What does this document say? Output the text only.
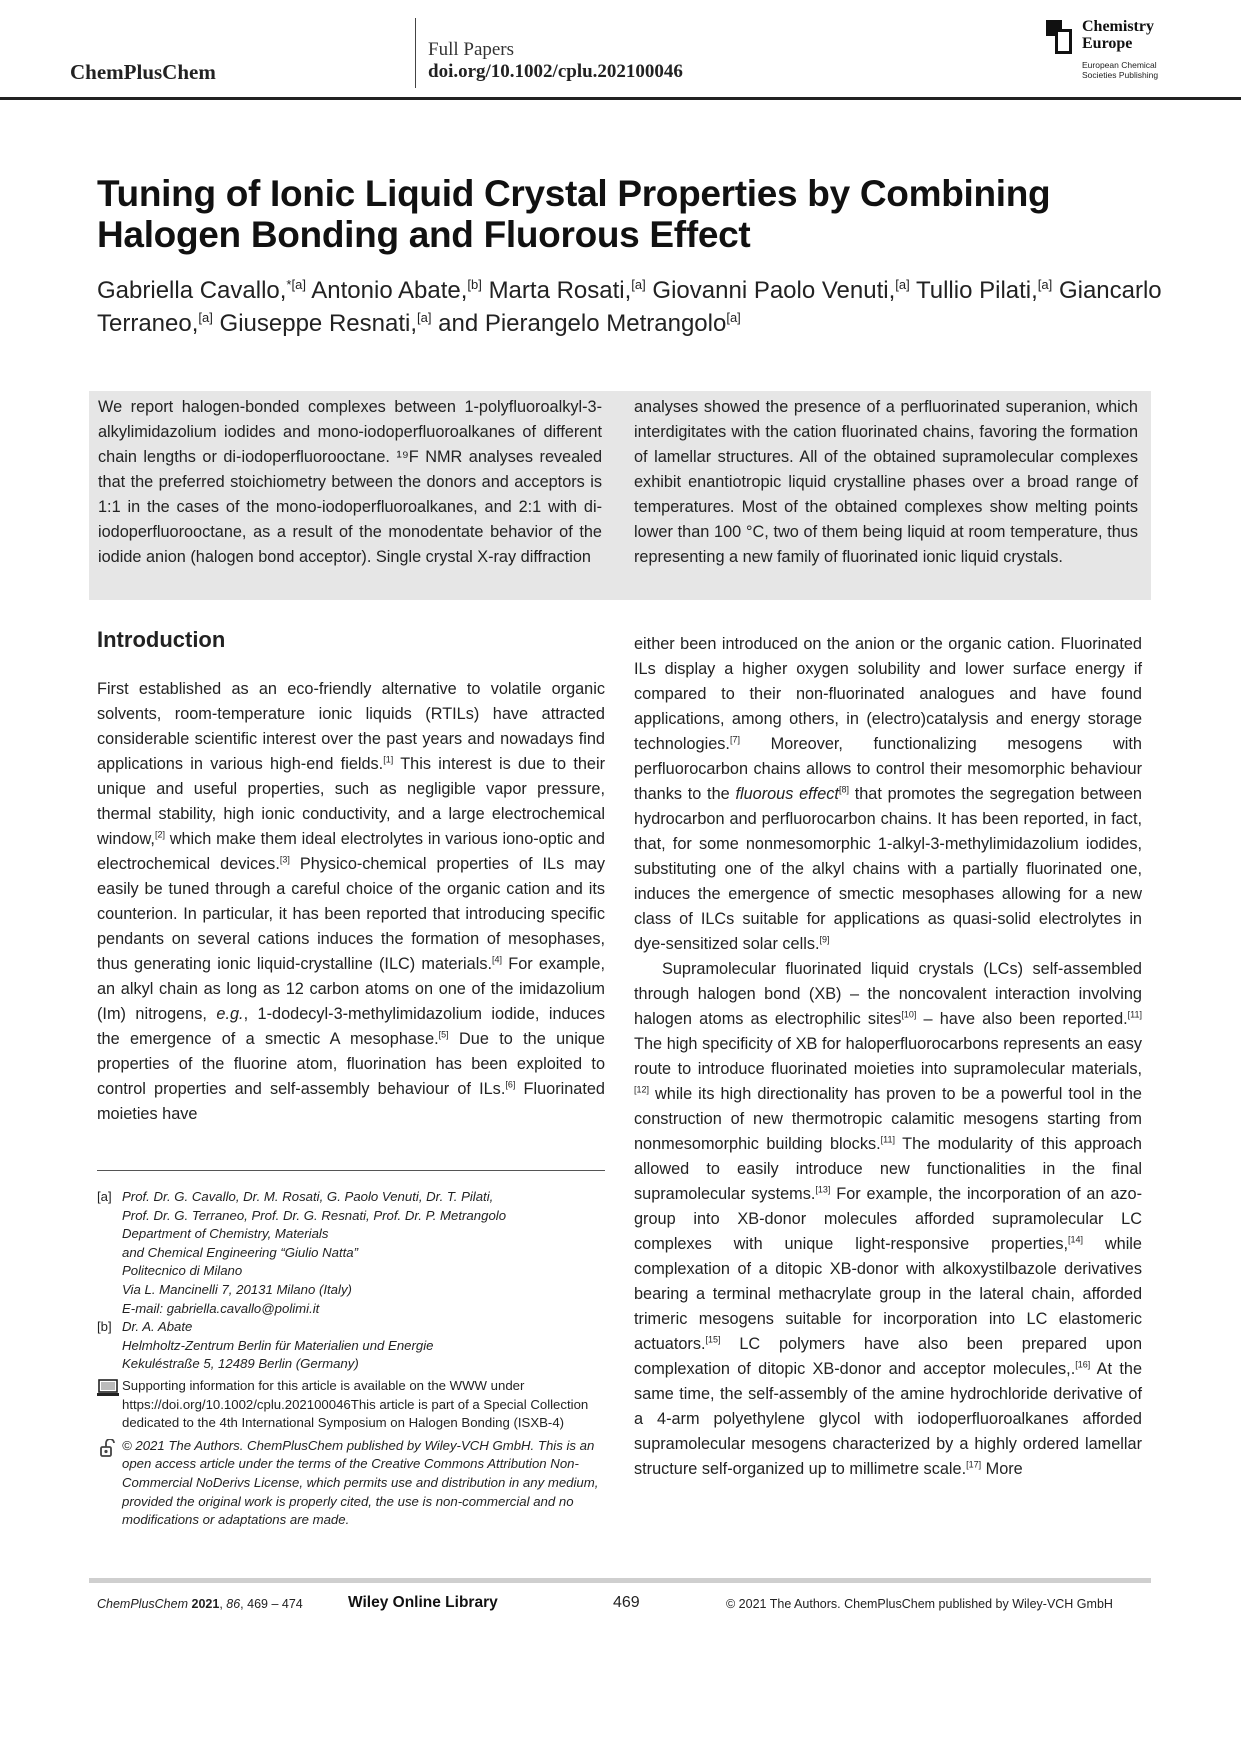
ChemPlusChem
Full Papers
doi.org/10.1002/cplu.202100046
Chemistry
Europe
European Chemical
Societies Publishing
Tuning of Ionic Liquid Crystal Properties by Combining
Halogen Bonding and Fluorous Effect
Gabriella Cavallo,$^{*[a]}$ Antonio Abate,[b] Marta Rosati,[a] Giovanni Paolo Venuti,[a] Tullio Pilati,[a] Giancarlo Terraneo,[a] Giuseppe Resnati,[a] and Pierangelo Metrangolo[a]
We report halogen-bonded complexes between 1-polyfluoroalkyl-3-alkylimidazolium iodides and mono-iodoperfluoroalkanes of different chain lengths or di-iodoperfluorooctane. ¹⁹F NMR analyses revealed that the preferred stoichiometry between the donors and acceptors is 1:1 in the cases of the mono-iodoperfluoroalkanes, and 2:1 with di-iodoperfluorooctane, as a result of the monodentate behavior of the iodide anion (halogen bond acceptor). Single crystal X-ray diffraction
analyses showed the presence of a perfluorinated superanion, which interdigitates with the cation fluorinated chains, favoring the formation of lamellar structures. All of the obtained supramolecular complexes exhibit enantiotropic liquid crystalline phases over a broad range of temperatures. Most of the obtained complexes show melting points lower than 100 °C, two of them being liquid at room temperature, thus representing a new family of fluorinated ionic liquid crystals.
Introduction

First established as an eco-friendly alternative to volatile organic solvents, room-temperature ionic liquids (RTILs) have attracted considerable scientific interest over the past years and nowadays find applications in various high-end fields.[1] This interest is due to their unique and useful properties, such as negligible vapor pressure, thermal stability, high ionic conductivity, and a large electrochemical window,[2] which make them ideal electrolytes in various iono-optic and electrochemical devices.[3] Physico-chemical properties of ILs may easily be tuned through a careful choice of the organic cation and its counterion. In particular, it has been reported that introducing specific pendants on several cations induces the formation of mesophases, thus generating ionic liquid-crystalline (ILC) materials.[4] For example, an alkyl chain as long as 12 carbon atoms on one of the imidazolium (Im) nitrogens, e.g., 1-dodecyl-3-methylimidazolium iodide, induces the emergence of a smectic A mesophase.[5] Due to the unique properties of the fluorine atom, fluorination has been exploited to control properties and self-assembly behaviour of ILs.[6] Fluorinated moieties have

either been introduced on the anion or the organic cation. Fluorinated ILs display a higher oxygen solubility and lower surface energy if compared to their non-fluorinated analogues and have found applications, among others, in (electro)catalysis and energy storage technologies.[7] Moreover, functionalizing mesogens with perfluorocarbon chains allows to control their mesomorphic behaviour thanks to the fluorous effect[8] that promotes the segregation between hydrocarbon and perfluorocarbon chains. It has been reported, in fact, that, for some nonmesomorphic 1-alkyl-3-methylimidazolium iodides, substituting one of the alkyl chains with a partially fluorinated one, induces the emergence of smectic mesophases allowing for a new class of ILCs suitable for applications as quasi-solid electrolytes in dye-sensitized solar cells.[9]

Supramolecular fluorinated liquid crystals (LCs) self-assembled through halogen bond (XB) – the noncovalent interaction involving halogen atoms as electrophilic sites[10] – have also been reported.[11] The high specificity of XB for haloperfluorocarbons represents an easy route to introduce fluorinated moieties into supramolecular materials,[12] while its high directionality has proven to be a powerful tool in the construction of new thermotropic calamitic mesogens starting from nonmesomorphic building blocks.[11] The modularity of this approach allowed to easily introduce new functionalities in the final supramolecular systems.[13] For example, the incorporation of an azo-group into XB-donor molecules afforded supramolecular LC complexes with unique light-responsive properties,[14] while complexation of a ditopic XB-donor with alkoxystilbazole derivatives bearing a terminal methacrylate group in the lateral chain, afforded trimeric mesogens suitable for incorporation into LC elastomeric actuators.[15] LC polymers have also been prepared upon complexation of ditopic XB-donor and acceptor molecules,.[16] At the same time, the self-assembly of the amine hydrochloride derivative of a 4-arm polyethylene glycol with iodoperfluoroalkanes afforded supramolecular mesogens characterized by a highly ordered lamellar structure self-organized up to millimetre scale.[17] More

[a] Prof. Dr. G. Cavallo, Dr. M. Rosati, G. Paolo Venuti, Dr. T. Pilati,
Prof. Dr. G. Terraneo, Prof. Dr. G. Resnati, Prof. Dr. P. Metrangolo
Department of Chemistry, Materials
and Chemical Engineering “Giulio Natta”
Politecnico di Milano
Via L. Mancinelli 7, 20131 Milano (Italy)
E-mail: gabriella.cavallo@polimi.it
[b] Dr. A. Abate
Helmholtz-Zentrum Berlin für Materialien und Energie
Kekuléstraße 5, 12489 Berlin (Germany)
Supporting information for this article is available on the WWW under https://doi.org/10.1002/cplu.202100046This article is part of a Special Collection dedicated to the 4th International Symposium on Halogen Bonding (ISXB-4)
© 2021 The Authors. ChemPlusChem published by Wiley-VCH GmbH. This is an open access article under the terms of the Creative Commons Attribution Non-Commercial NoDerivs License, which permits use and distribution in any medium, provided the original work is properly cited, the use is non-commercial and no modifications or adaptations are made.
ChemPlusChem 2021, 86, 469 – 474	Wiley Online Library	469	© 2021 The Authors. ChemPlusChem published by Wiley-VCH GmbH
